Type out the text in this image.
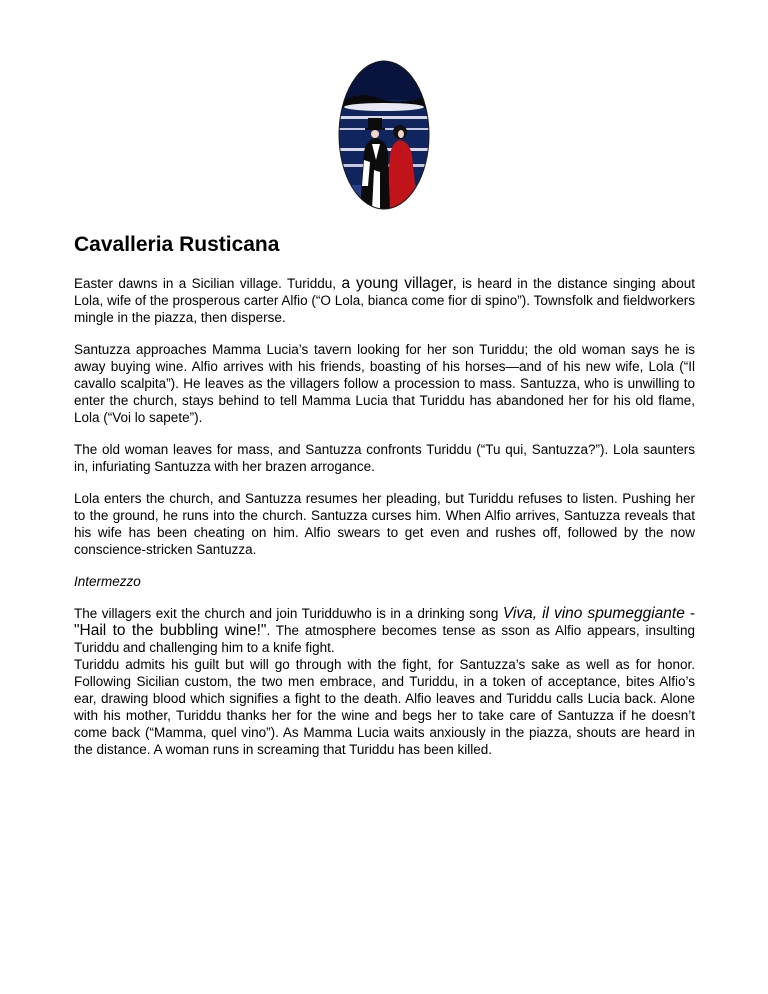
Cavalleria Rusticana

Easter dawns in a Sicilian village. Turiddu, a young villager, is heard in the distance singing about Lola, wife of the prosperous carter Alfio (“O Lola, bianca come fior di spino”). Townsfolk and fieldworkers mingle in the piazza, then disperse.

Santuzza approaches Mamma Lucia’s tavern looking for her son Turiddu; the old woman says he is away buying wine. Alfio arrives with his friends, boasting of his horses—and of his new wife, Lola (“Il cavallo scalpita”). He leaves as the villagers follow a procession to mass. Santuzza, who is unwilling to enter the church, stays behind to tell Mamma Lucia that Turiddu has abandoned her for his old flame, Lola (“Voi lo sapete”).

The old woman leaves for mass, and Santuzza confronts Turiddu (“Tu qui, Santuzza?”). Lola saunters in, infuriating Santuzza with her brazen arrogance.

Lola enters the church, and Santuzza resumes her pleading, but Turiddu refuses to listen. Pushing her to the ground, he runs into the church. Santuzza curses him. When Alfio arrives, Santuzza reveals that his wife has been cheating on him. Alfio swears to get even and rushes off, followed by the now conscience-stricken Santuzza.

Intermezzo

The villagers exit the church and join Turidduwho is in a drinking song Viva, il vino spumeggiante - "Hail to the bubbling wine!". The atmosphere becomes tense as sson as Alfio appears, insulting Turiddu and challenging him to a knife fight.

Turiddu admits his guilt but will go through with the fight, for Santuzza’s sake as well as for honor. Following Sicilian custom, the two men embrace, and Turiddu, in a token of acceptance, bites Alfio’s ear, drawing blood which signifies a fight to the death. Alfio leaves and Turiddu calls Lucia back. Alone with his mother, Turiddu thanks her for the wine and begs her to take care of Santuzza if he doesn’t come back (“Mamma, quel vino”). As Mamma Lucia waits anxiously in the piazza, shouts are heard in the distance. A woman runs in screaming that Turiddu has been killed.
